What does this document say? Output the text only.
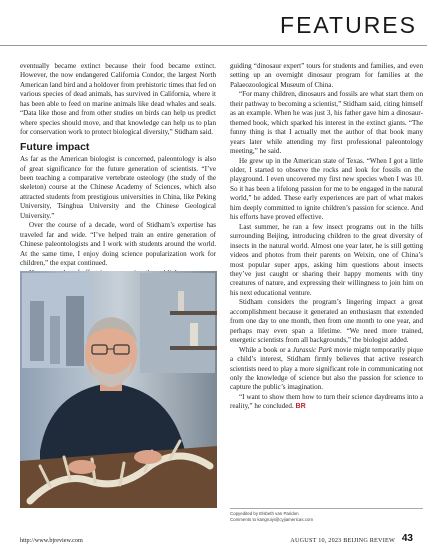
FEATURES

eventually became extinct because their food became extinct. However, the now endangered California Condor, the largest North American land bird and a holdover from prehistoric times that fed on various species of dead animals, has survived in California, where it has been able to feed on marine animals like dead whales and seals. “Data like those and from other studies on birds can help us predict where species should move, and that knowledge can help us to plan for conservation work to protect biological diversity,” Stidham said.

Future impact

As far as the American biologist is concerned, paleontology is also of great significance for the future generation of scientists. “I’ve been teaching a comparative vertebrate osteology (the study of the skeleton) course at the Chinese Academy of Sciences, which also attracted students from prestigious universities in China, like Peking University, Tsinghua University and the Chinese Geological University.”

Over the course of a decade, word of Stidham’s expertise has traveled far and wide. “I’ve helped train an entire generation of Chinese paleontologists and I work with students around the world. At the same time, I enjoy doing science popularization work for children,” the expat continued.

guiding “dinosaur expert” tours for students and families, and even setting up an overnight dinosaur program for families at the Palaeozoological Museum of China.

“For many children, dinosaurs and fossils are what start them on their pathway to becoming a scientist,” Stidham said, citing himself as an example. When he was just 3, his father gave him a dinosaur-themed book, which sparked his interest in the extinct giants. “The funny thing is that I actually met the author of that book many years later while attending my first professional paleontology meeting,” he said.

He grew up in the American state of Texas. “When I got a little older, I started to observe the rocks and look for fossils on the playground. I even uncovered my first new species when I was 10. So it has been a lifelong passion for me to be engaged in the natural world,” he added. These early experiences are part of what makes him deeply committed to ignite children’s passion for science. And his efforts have proved effective.

Last summer, he ran a few insect programs out in the hills surrounding Beijing, introducing children to the great diversity of insects in the natural world. Almost one year later, he is still getting videos and photos from their parents on Weixin, one of China’s most popular super apps, asking him questions about insects they’ve just caught or sharing their happy moments with tiny creatures of nature, and expressing their willingness to join him on his next educational venture.

Stidham considers the program’s lingering impact a great accomplishment because it generated an enthusiasm that extended from one day to one month, then from one month to one year, and perhaps may even span a lifetime. “We need more trained, energetic scientists from all backgrounds,” the biologist added.

While a book or a Jurassic Park movie might temporarily pique a child’s interest, Stidham firmly believes that active research scientists need to play a more significant role in communicating not only the knowledge of science but also the passion for science to capture the public’s imagination.

“I want to show them how to turn their science daydreams into a reality,” he concluded. BR

Copyedited by Elsbeth van Paridon
Comments to kangruiyi@cyjiamericas.com
http://www.bjreview.com	AUGUST 10, 2023 BEIJING REVIEW 43
